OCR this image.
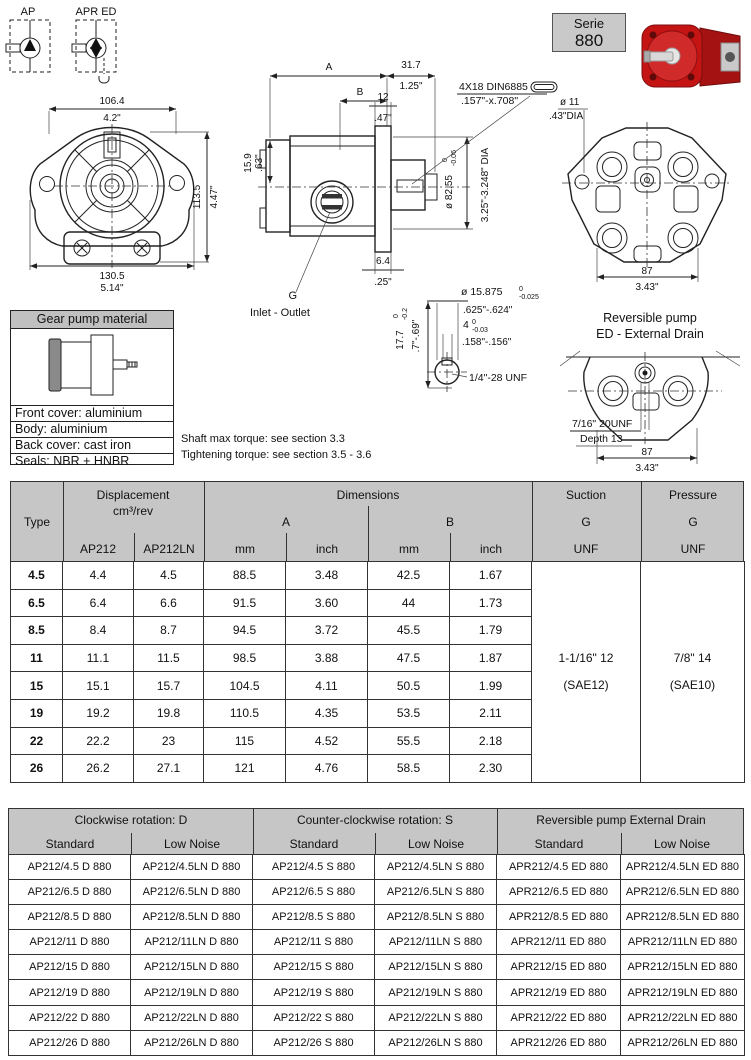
AP	APR ED
106.4
4.2"
113.5 4.47"
130.5
5.14"
A	31.7
1.25"
B 12
.47"
15.9 .63"
6.4
.25"
G
Inlet - Outlet
ø 82.55
0 -0.06 3.25"-3.248" DIA
4X18 DIN6885
.157"-x.708"	ø 11
.43"DIA
87
3.43"
ø 15.875 0
-0.025
.625"-.624"
4 0
-0.03
.158"-.156"
17.7
0 -0.2
.7"-.69"
1/4"-28 UNF
Reversible pump
ED - External Drain
7/16" 20UNF
Depth 13
87
3.43"
Serie
880
Gear pump material
Front cover: aluminium
Body: aluminium
Back cover: cast iron
Seals: NBR + HNBR
Shaft max torque: see section 3.3
Tightening torque: see section 3.5 - 3.6
Type
Displacement
cm³/rev
AP212 AP212LN
Dimensions
A	B
mm	inch	mm	inch
Suction
G
UNF
Pressure
G
UNF
4.5	4.4	4.5	88.5	3.48	42.5	1.67	
1-1/16" 12
(SAE12)

7/8" 14
(SAE10)

6.5	6.4	6.6	91.5	3.60	44	1.73		
8.5	8.4	8.7	94.5	3.72	45.5	1.79		
11	11.1	11.5	98.5	3.88	47.5	1.87		
15	15.1	15.7	104.5	4.11	50.5	1.99		
19	19.2	19.8	110.5	4.35	53.5	2.11		
22	22.2	23	115	4.52	55.5	2.18		
26	26.2	27.1	121	4.76	58.5	2.30		
Clockwise rotation: D	Counter-clockwise rotation: S	Reversible pump External Drain
Standard	Low Noise	Standard	Low Noise	Standard	Low Noise
AP212/4.5 D 880	AP212/4.5LN D 880	AP212/4.5 S 880	AP212/4.5LN S 880	APR212/4.5 ED 880	APR212/4.5LN ED 880
AP212/6.5 D 880	AP212/6.5LN D 880	AP212/6.5 S 880	AP212/6.5LN S 880	APR212/6.5 ED 880	APR212/6.5LN ED 880
AP212/8.5 D 880	AP212/8.5LN D 880	AP212/8.5 S 880	AP212/8.5LN S 880	APR212/8.5 ED 880	APR212/8.5LN ED 880
AP212/11 D 880	AP212/11LN D 880	AP212/11 S 880	AP212/11LN S 880	APR212/11 ED 880	APR212/11LN ED 880
AP212/15 D 880	AP212/15LN D 880	AP212/15 S 880	AP212/15LN S 880	APR212/15 ED 880	APR212/15LN ED 880
AP212/19 D 880	AP212/19LN D 880	AP212/19 S 880	AP212/19LN S 880	APR212/19 ED 880	APR212/19LN ED 880
AP212/22 D 880	AP212/22LN D 880	AP212/22 S 880	AP212/22LN S 880	APR212/22 ED 880	APR212/22LN ED 880
AP212/26 D 880	AP212/26LN D 880	AP212/26 S 880	AP212/26LN S 880	APR212/26 ED 880	APR212/26LN ED 880
